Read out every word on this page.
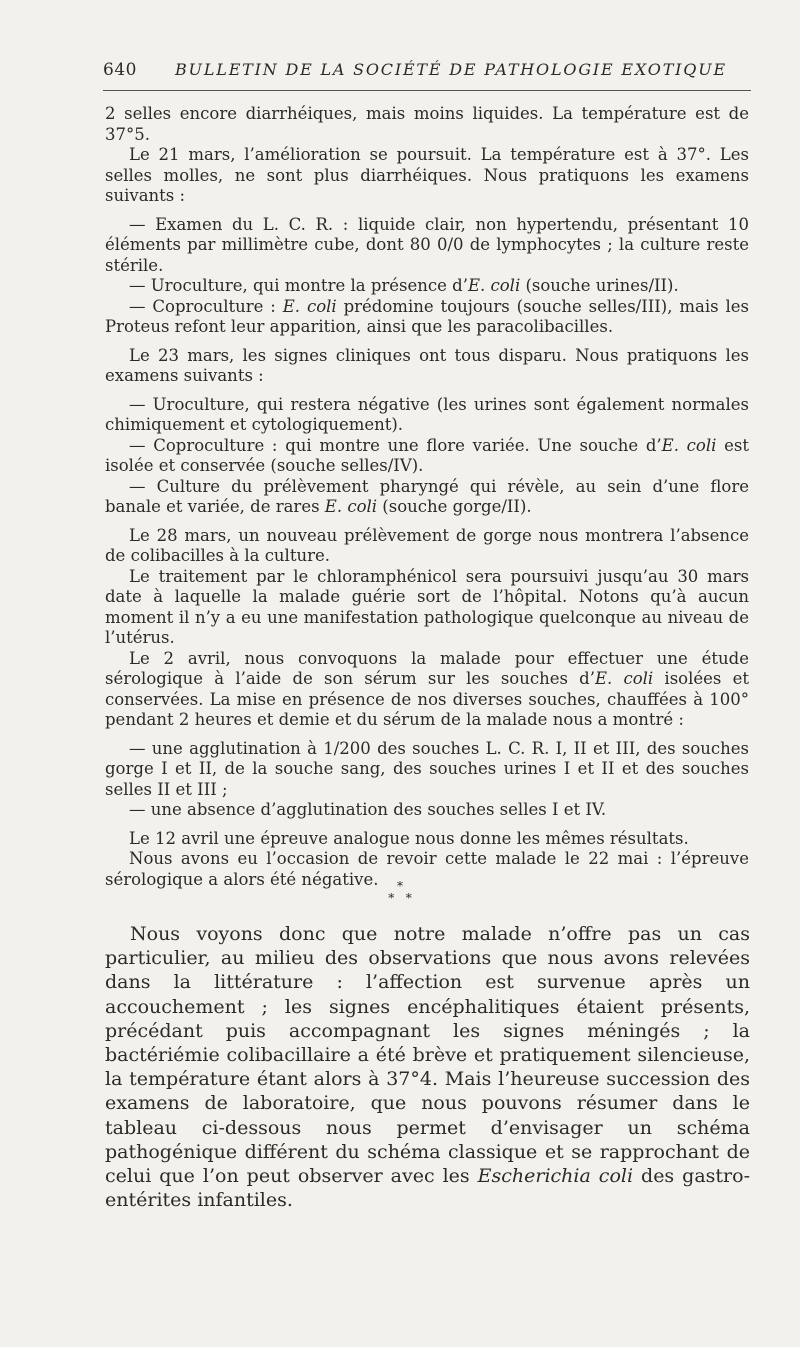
640 BULLETIN DE LA SOCIÉTÉ DE PATHOLOGIE EXOTIQUE

2 selles encore diarrhéiques, mais moins liquides. La température est de 37°5.

Le 21 mars, l’amélioration se poursuit. La température est à 37°. Les selles molles, ne sont plus diarrhéiques. Nous pratiquons les examens suivants :

— Examen du L. C. R. : liquide clair, non hypertendu, présentant 10 éléments par millimètre cube, dont 80 0/0 de lymphocytes ; la culture reste stérile.

— Uroculture, qui montre la présence d’E. coli (souche urines/II).

— Coproculture : E. coli prédomine toujours (souche selles/III), mais les Proteus refont leur apparition, ainsi que les paracolibacilles.

Le 23 mars, les signes cliniques ont tous disparu. Nous pratiquons les examens suivants :

— Uroculture, qui restera négative (les urines sont également normales chimiquement et cytologiquement).

— Coproculture : qui montre une flore variée. Une souche d’E. coli est isolée et conservée (souche selles/IV).

— Culture du prélèvement pharyngé qui révèle, au sein d’une flore banale et variée, de rares E. coli (souche gorge/II).

Le 28 mars, un nouveau prélèvement de gorge nous montrera l’absence de colibacilles à la culture.

Le traitement par le chloramphénicol sera poursuivi jusqu’au 30 mars date à laquelle la malade guérie sort de l’hôpital. Notons qu’à aucun moment il n’y a eu une manifestation pathologique quelconque au niveau de l’utérus.

Le 2 avril, nous convoquons la malade pour effectuer une étude sérologique à l’aide de son sérum sur les souches d’E. coli isolées et conservées. La mise en présence de nos diverses souches, chauffées à 100° pendant 2 heures et demie et du sérum de la malade nous a montré :

— une agglutination à 1/200 des souches L. C. R. I, II et III, des souches gorge I et II, de la souche sang, des souches urines I et II et des souches selles II et III ;

— une absence d’agglutination des souches selles I et IV.

Le 12 avril une épreuve analogue nous donne les mêmes résultats.

Nous avons eu l’occasion de revoir cette malade le 22 mai : l’épreuve sérologique a alors été négative.	*
*   *

Nous voyons donc que notre malade n’offre pas un cas particulier, au milieu des observations que nous avons relevées dans la littérature : l’affection est survenue après un accouchement ; les signes encéphalitiques étaient présents, précédant puis accompagnant les signes méningés ; la bactériémie colibacillaire a été brève et pratiquement silencieuse, la température étant alors à 37°4. Mais l’heureuse succession des examens de laboratoire, que nous pouvons résumer dans le tableau ci-dessous nous permet d’envisager un schéma pathogénique différent du schéma classique et se rapprochant de celui que l’on peut observer avec les Escherichia coli des gastro-entérites infantiles.
